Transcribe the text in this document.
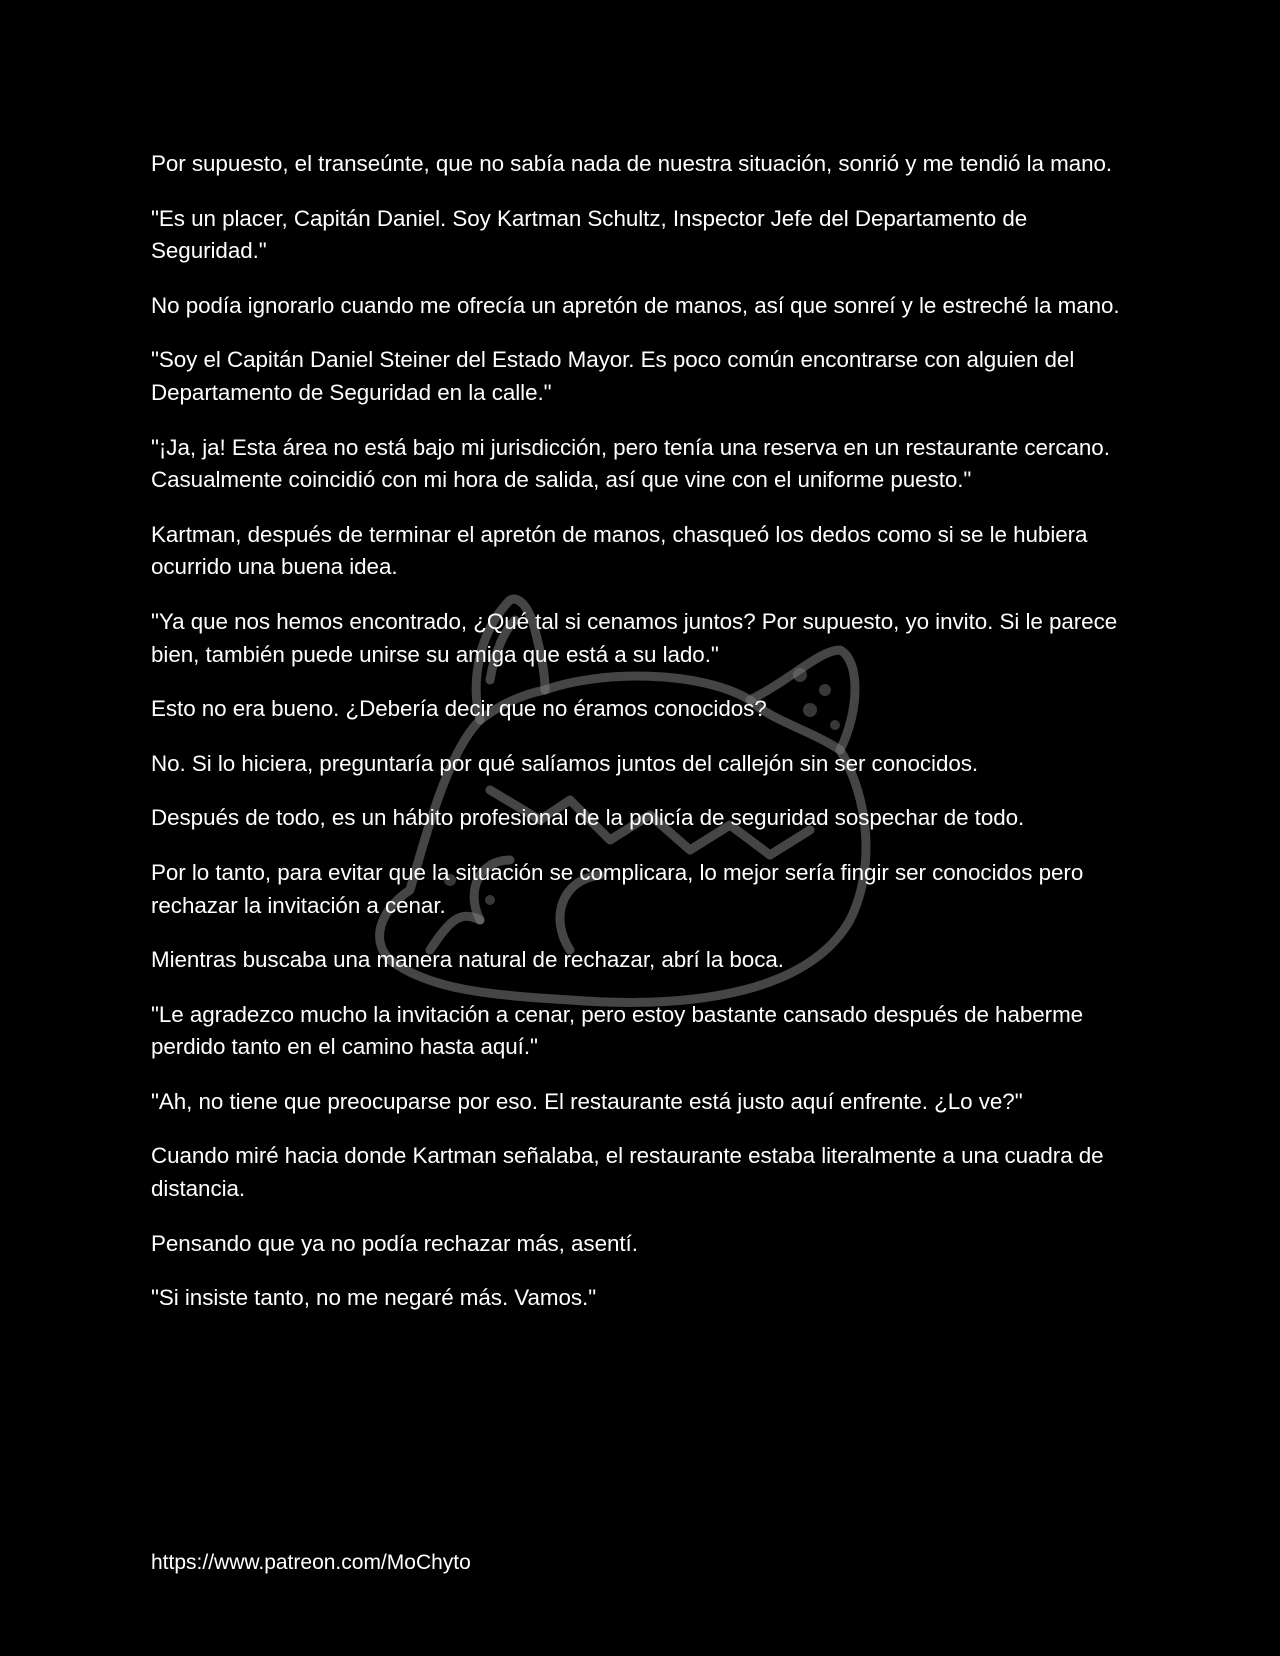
Por supuesto, el transeúnte, que no sabía nada de nuestra situación, sonrió y me tendió la mano.

"Es un placer, Capitán Daniel. Soy Kartman Schultz, Inspector Jefe del Departamento de Seguridad."

No podía ignorarlo cuando me ofrecía un apretón de manos, así que sonreí y le estreché la mano.

"Soy el Capitán Daniel Steiner del Estado Mayor. Es poco común encontrarse con alguien del Departamento de Seguridad en la calle."

"¡Ja, ja! Esta área no está bajo mi jurisdicción, pero tenía una reserva en un restaurante cercano. Casualmente coincidió con mi hora de salida, así que vine con el uniforme puesto."

Kartman, después de terminar el apretón de manos, chasqueó los dedos como si se le hubiera ocurrido una buena idea.

"Ya que nos hemos encontrado, ¿Qué tal si cenamos juntos? Por supuesto, yo invito. Si le parece bien, también puede unirse su amiga que está a su lado."

Esto no era bueno. ¿Debería decir que no éramos conocidos?

No. Si lo hiciera, preguntaría por qué salíamos juntos del callejón sin ser conocidos.

Después de todo, es un hábito profesional de la policía de seguridad sospechar de todo.

Por lo tanto, para evitar que la situación se complicara, lo mejor sería fingir ser conocidos pero rechazar la invitación a cenar.

Mientras buscaba una manera natural de rechazar, abrí la boca.

"Le agradezco mucho la invitación a cenar, pero estoy bastante cansado después de haberme perdido tanto en el camino hasta aquí."

"Ah, no tiene que preocuparse por eso. El restaurante está justo aquí enfrente. ¿Lo ve?"

Cuando miré hacia donde Kartman señalaba, el restaurante estaba literalmente a una cuadra de distancia.

Pensando que ya no podía rechazar más, asentí.

"Si insiste tanto, no me negaré más. Vamos."

https://www.patreon.com/MoChyto
